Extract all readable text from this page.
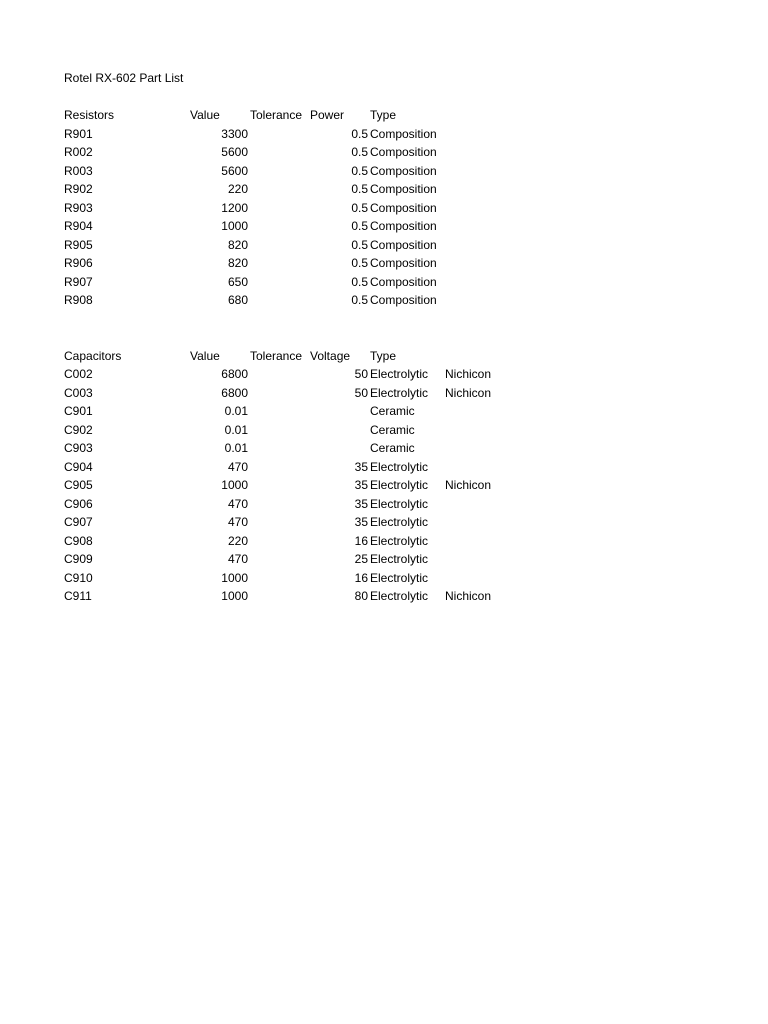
Rotel RX-602 Part List
Resistors	Value	Tolerance Power	Type
R901	3300	0.5 Composition
R002	5600	0.5 Composition
R003	5600	0.5 Composition
R902	220	0.5 Composition
R903	1200	0.5 Composition
R904	1000	0.5 Composition
R905	820	0.5 Composition
R906	820	0.5 Composition
R907	650	0.5 Composition
R908	680	0.5 Composition
Capacitors	Value	Tolerance Voltage	Type
C002	6800	50 Electrolytic	Nichicon
C003	6800	50 Electrolytic	Nichicon
C901	0.01	Ceramic
C902	0.01	Ceramic
C903	0.01	Ceramic
C904	470	35 Electrolytic
C905	1000	35 Electrolytic	Nichicon
C906	470	35 Electrolytic
C907	470	35 Electrolytic
C908	220	16 Electrolytic
C909	470	25 Electrolytic
C910	1000	16 Electrolytic
C911	1000	80 Electrolytic	Nichicon
